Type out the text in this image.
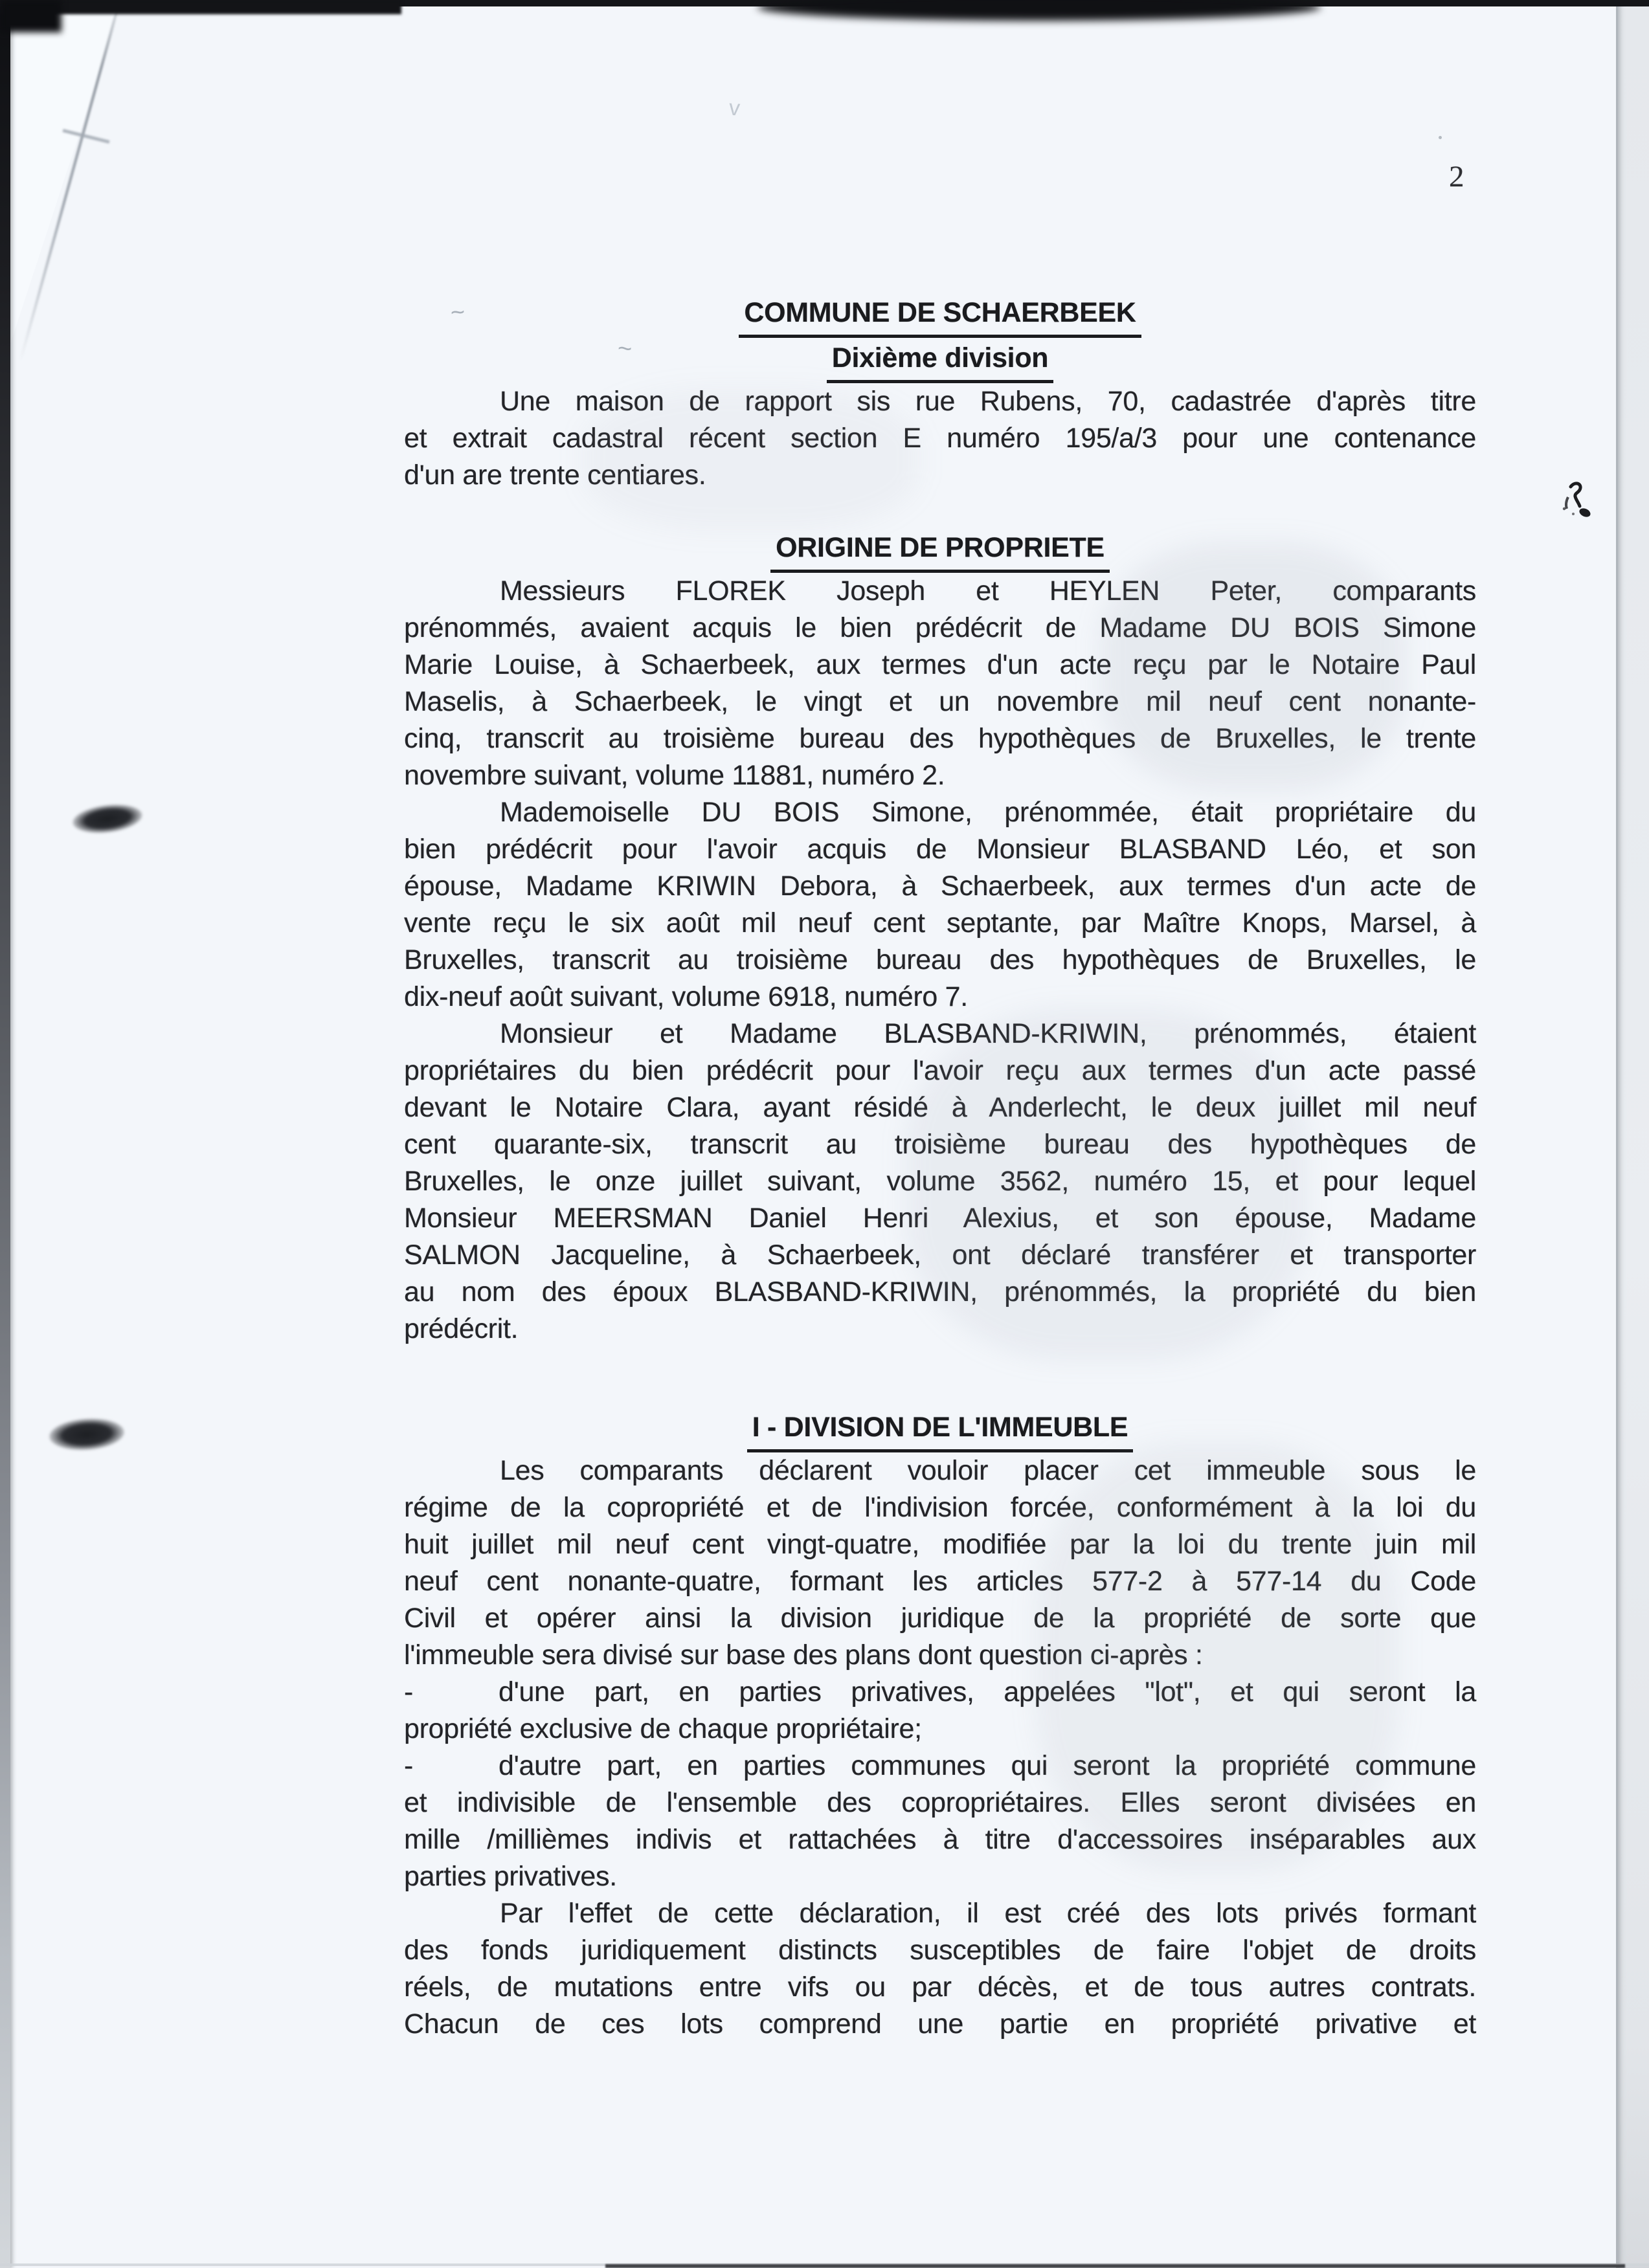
COMMUNE DE SCHAERBEEK
Dixième division
Une maison de rapport sis rue Rubens, 70, cadastrée d'après titre
et extrait cadastral récent section E numéro 195/a/3 pour une contenance
d'un are trente centiares.
ORIGINE DE PROPRIETE
Messieurs FLOREK Joseph et HEYLEN Peter, comparants
prénommés, avaient acquis le bien prédécrit de Madame DU BOIS Simone
Marie Louise, à Schaerbeek, aux termes d'un acte reçu par le Notaire Paul
Maselis, à Schaerbeek, le vingt et un novembre mil neuf cent nonante-
cinq, transcrit au troisième bureau des hypothèques de Bruxelles, le trente
novembre suivant, volume 11881, numéro 2.
Mademoiselle DU BOIS Simone, prénommée, était propriétaire du
bien prédécrit pour l'avoir acquis de Monsieur BLASBAND Léo, et son
épouse, Madame KRIWIN Debora, à Schaerbeek, aux termes d'un acte de
vente reçu le six août mil neuf cent septante, par Maître Knops, Marsel, à
Bruxelles, transcrit au troisième bureau des hypothèques de Bruxelles, le
dix-neuf août suivant, volume 6918, numéro 7.
Monsieur et Madame BLASBAND-KRIWIN, prénommés, étaient
propriétaires du bien prédécrit pour l'avoir reçu aux termes d'un acte passé
devant le Notaire Clara, ayant résidé à Anderlecht, le deux juillet mil neuf
cent quarante-six, transcrit au troisième bureau des hypothèques de
Bruxelles, le onze juillet suivant, volume 3562, numéro 15, et pour lequel
Monsieur MEERSMAN Daniel Henri Alexius, et son épouse, Madame
SALMON Jacqueline, à Schaerbeek, ont déclaré transférer et transporter
au nom des époux BLASBAND-KRIWIN, prénommés, la propriété du bien
prédécrit.
I - DIVISION DE L'IMMEUBLE
Les comparants déclarent vouloir placer cet immeuble sous le
régime de la copropriété et de l'indivision forcée, conformément à la loi du
huit juillet mil neuf cent vingt-quatre, modifiée par la loi du trente juin mil
neuf cent nonante-quatre, formant les articles 577-2 à 577-14 du Code
Civil et opérer ainsi la division juridique de la propriété de sorte que
l'immeuble sera divisé sur base des plans dont question ci-après :
-	d'une part, en parties privatives, appelées "lot", et qui seront la
propriété exclusive de chaque propriétaire;
-	d'autre part, en parties communes qui seront la propriété commune
et indivisible de l'ensemble des copropriétaires. Elles seront divisées en
mille /millièmes indivis et rattachées à titre d'accessoires inséparables aux
parties privatives.
Par l'effet de cette déclaration, il est créé des lots privés formant
des fonds juridiquement distincts susceptibles de faire l'objet de droits
réels, de mutations entre vifs ou par décès, et de tous autres contrats.
Chacun de ces lots comprend une partie en propriété privative et
2
~
~
v
